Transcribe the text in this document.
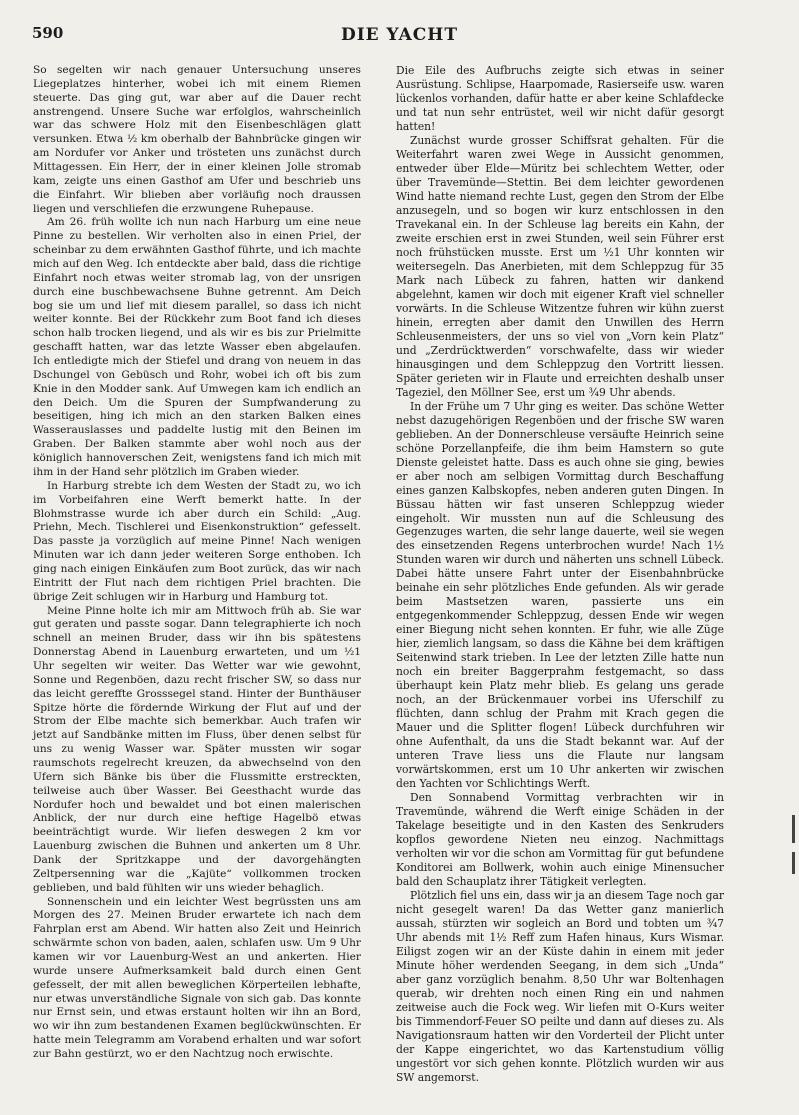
590	DIE YACHT

So segelten wir nach genauer Untersuchung unseres Liegeplatzes hinterher, wobei ich mit einem Riemen steuerte. Das ging gut, war aber auf die Dauer recht anstrengend. Unsere Suche war erfolglos, wahrscheinlich war das schwere Holz mit den Eisenbeschlägen glatt versunken. Etwa ½ km oberhalb der Bahnbrücke gingen wir am Nordufer vor Anker und trösteten uns zunächst durch Mittagessen. Ein Herr, der in einer kleinen Jolle stromab kam, zeigte uns einen Gasthof am Ufer und beschrieb uns die Einfahrt. Wir blieben aber vorläufig noch draussen liegen und verschliefen die erzwungene Ruhepause.

Am 26. früh wollte ich nun nach Harburg um eine neue Pinne zu bestellen. Wir verholten also in einen Priel, der scheinbar zu dem erwähnten Gasthof führte, und ich machte mich auf den Weg. Ich entdeckte aber bald, dass die richtige Einfahrt noch etwas weiter stromab lag, von der unsrigen durch eine buschbewachsene Buhne getrennt. Am Deich bog sie um und lief mit diesem parallel, so dass ich nicht weiter konnte. Bei der Rückkehr zum Boot fand ich dieses schon halb trocken liegend, und als wir es bis zur Prielmitte geschafft hatten, war das letzte Wasser eben abgelaufen. Ich entledigte mich der Stiefel und drang von neuem in das Dschungel von Gebüsch und Rohr, wobei ich oft bis zum Knie in den Modder sank. Auf Umwegen kam ich endlich an den Deich. Um die Spuren der Sumpfwanderung zu beseitigen, hing ich mich an den starken Balken eines Wasserauslasses und paddelte lustig mit den Beinen im Graben. Der Balken stammte aber wohl noch aus der königlich hannoverschen Zeit, wenigstens fand ich mich mit ihm in der Hand sehr plötzlich im Graben wieder.

In Harburg strebte ich dem Westen der Stadt zu, wo ich im Vorbeifahren eine Werft bemerkt hatte. In der Blohmstrasse wurde ich aber durch ein Schild: „Aug. Priehn, Mech. Tischlerei und Eisenkonstruktion“ gefesselt. Das passte ja vorzüglich auf meine Pinne! Nach wenigen Minuten war ich dann jeder weiteren Sorge enthoben. Ich ging nach einigen Einkäufen zum Boot zurück, das wir nach Eintritt der Flut nach dem richtigen Priel brachten. Die übrige Zeit schlugen wir in Harburg und Hamburg tot.

Meine Pinne holte ich mir am Mittwoch früh ab. Sie war gut geraten und passte sogar. Dann telegraphierte ich noch schnell an meinen Bruder, dass wir ihn bis spätestens Donnerstag Abend in Lauenburg erwarteten, und um ½1 Uhr segelten wir weiter. Das Wetter war wie gewohnt, Sonne und Regenböen, dazu recht frischer SW, so dass nur das leicht gereffte Grosssegel stand. Hinter der Bunthäuser Spitze hörte die fördernde Wirkung der Flut auf und der Strom der Elbe machte sich bemerkbar. Auch trafen wir jetzt auf Sandbänke mitten im Fluss, über denen selbst für uns zu wenig Wasser war. Später mussten wir sogar raumschots regelrecht kreuzen, da abwechselnd von den Ufern sich Bänke bis über die Flussmitte erstreckten, teilweise auch über Wasser. Bei Geesthacht wurde das Nordufer hoch und bewaldet und bot einen malerischen Anblick, der nur durch eine heftige Hagelbö etwas beeinträchtigt wurde. Wir liefen deswegen 2 km vor Lauenburg zwischen die Buhnen und ankerten um 8 Uhr. Dank der Spritzkappe und der davorgehängten Zeltpersenning war die „Kajüte“ vollkommen trocken geblieben, und bald fühlten wir uns wieder behaglich.

Sonnenschein und ein leichter West begrüssten uns am Morgen des 27. Meinen Bruder erwartete ich nach dem Fahrplan erst am Abend. Wir hatten also Zeit und Heinrich schwärmte schon von baden, aalen, schlafen usw. Um 9 Uhr kamen wir vor Lauenburg-West an und ankerten. Hier wurde unsere Aufmerksamkeit bald durch einen Gent gefesselt, der mit allen beweglichen Körperteilen lebhafte, nur etwas unverständliche Signale von sich gab. Das konnte nur Ernst sein, und etwas erstaunt holten wir ihn an Bord, wo wir ihn zum bestandenen Examen beglückwünschten. Er hatte mein Telegramm am Vorabend erhalten und war sofort zur Bahn gestürzt, wo er den Nachtzug noch erwischte.

Die Eile des Aufbruchs zeigte sich etwas in seiner Ausrüstung. Schlipse, Haarpomade, Rasierseife usw. waren lückenlos vorhanden, dafür hatte er aber keine Schlafdecke und tat nun sehr entrüstet, weil wir nicht dafür gesorgt hatten!

Zunächst wurde grosser Schiffsrat gehalten. Für die Weiterfahrt waren zwei Wege in Aussicht genommen, entweder über Elde—Müritz bei schlechtem Wetter, oder über Travemünde—Stettin. Bei dem leichter gewordenen Wind hatte niemand rechte Lust, gegen den Strom der Elbe anzusegeln, und so bogen wir kurz entschlossen in den Travekanal ein. In der Schleuse lag bereits ein Kahn, der zweite erschien erst in zwei Stunden, weil sein Führer erst noch frühstücken musste. Erst um ½1 Uhr konnten wir weitersegeln. Das Anerbieten, mit dem Schleppzug für 35 Mark nach Lübeck zu fahren, hatten wir dankend abgelehnt, kamen wir doch mit eigener Kraft viel schneller vorwärts. In die Schleuse Witzentze fuhren wir kühn zuerst hinein, erregten aber damit den Unwillen des Herrn Schleusenmeisters, der uns so viel von „Vorn kein Platz“ und „Zerdrücktwerden“ vorschwafelte, dass wir wieder hinausgingen und dem Schleppzug den Vortritt liessen. Später gerieten wir in Flaute und erreichten deshalb unser Tageziel, den Möllner See, erst um ¾9 Uhr abends.

In der Frühe um 7 Uhr ging es weiter. Das schöne Wetter nebst dazugehörigen Regenböen und der frische SW waren geblieben. An der Donnerschleuse versäufte Heinrich seine schöne Porzellanpfeife, die ihm beim Hamstern so gute Dienste geleistet hatte. Dass es auch ohne sie ging, bewies er aber noch am selbigen Vormittag durch Beschaffung eines ganzen Kalbskopfes, neben anderen guten Dingen. In Büssau hätten wir fast unseren Schleppzug wieder eingeholt. Wir mussten nun auf die Schleusung des Gegenzuges warten, die sehr lange dauerte, weil sie wegen des einsetzenden Regens unterbrochen wurde! Nach 1½ Stunden waren wir durch und näherten uns schnell Lübeck. Dabei hätte unsere Fahrt unter der Eisenbahnbrücke beinahe ein sehr plötzliches Ende gefunden. Als wir gerade beim Mastsetzen waren, passierte uns ein entgegenkommender Schleppzug, dessen Ende wir wegen einer Biegung nicht sehen konnten. Er fuhr, wie alle Züge hier, ziemlich langsam, so dass die Kähne bei dem kräftigen Seitenwind stark trieben. In Lee der letzten Zille hatte nun noch ein breiter Baggerprahm festgemacht, so dass überhaupt kein Platz mehr blieb. Es gelang uns gerade noch, an der Brückenmauer vorbei ins Uferschilf zu flüchten, dann schlug der Prahm mit Krach gegen die Mauer und die Splitter flogen! Lübeck durchfuhren wir ohne Aufenthalt, da uns die Stadt bekannt war. Auf der unteren Trave liess uns die Flaute nur langsam vorwärtskommen, erst um 10 Uhr ankerten wir zwischen den Yachten vor Schlichtings Werft.

Den Sonnabend Vormittag verbrachten wir in Travemünde, während die Werft einige Schäden in der Takelage beseitigte und in den Kasten des Senkruders kopflos gewordene Nieten neu einzog. Nachmittags verholten wir vor die schon am Vormittag für gut befundene Konditorei am Bollwerk, wohin auch einige Minensucher bald den Schauplatz ihrer Tätigkeit verlegten.

Plötzlich fiel uns ein, dass wir ja an diesem Tage noch gar nicht gesegelt waren! Da das Wetter ganz manierlich aussah, stürzten wir sogleich an Bord und tobten um ¾7 Uhr abends mit 1½ Reff zum Hafen hinaus, Kurs Wismar. Eiligst zogen wir an der Küste dahin in einem mit jeder Minute höher werdenden Seegang, in dem sich „Unda“ aber ganz vorzüglich benahm. 8,50 Uhr war Boltenhagen querab, wir drehten noch einen Ring ein und nahmen zeitweise auch die Fock weg. Wir liefen mit O-Kurs weiter bis Timmendorf-Feuer SO peilte und dann auf dieses zu. Als Navigationsraum hatten wir den Vorderteil der Plicht unter der Kappe eingerichtet, wo das Kartenstudium völlig ungestört vor sich gehen konnte. Plötzlich wurden wir aus SW angemorst.
